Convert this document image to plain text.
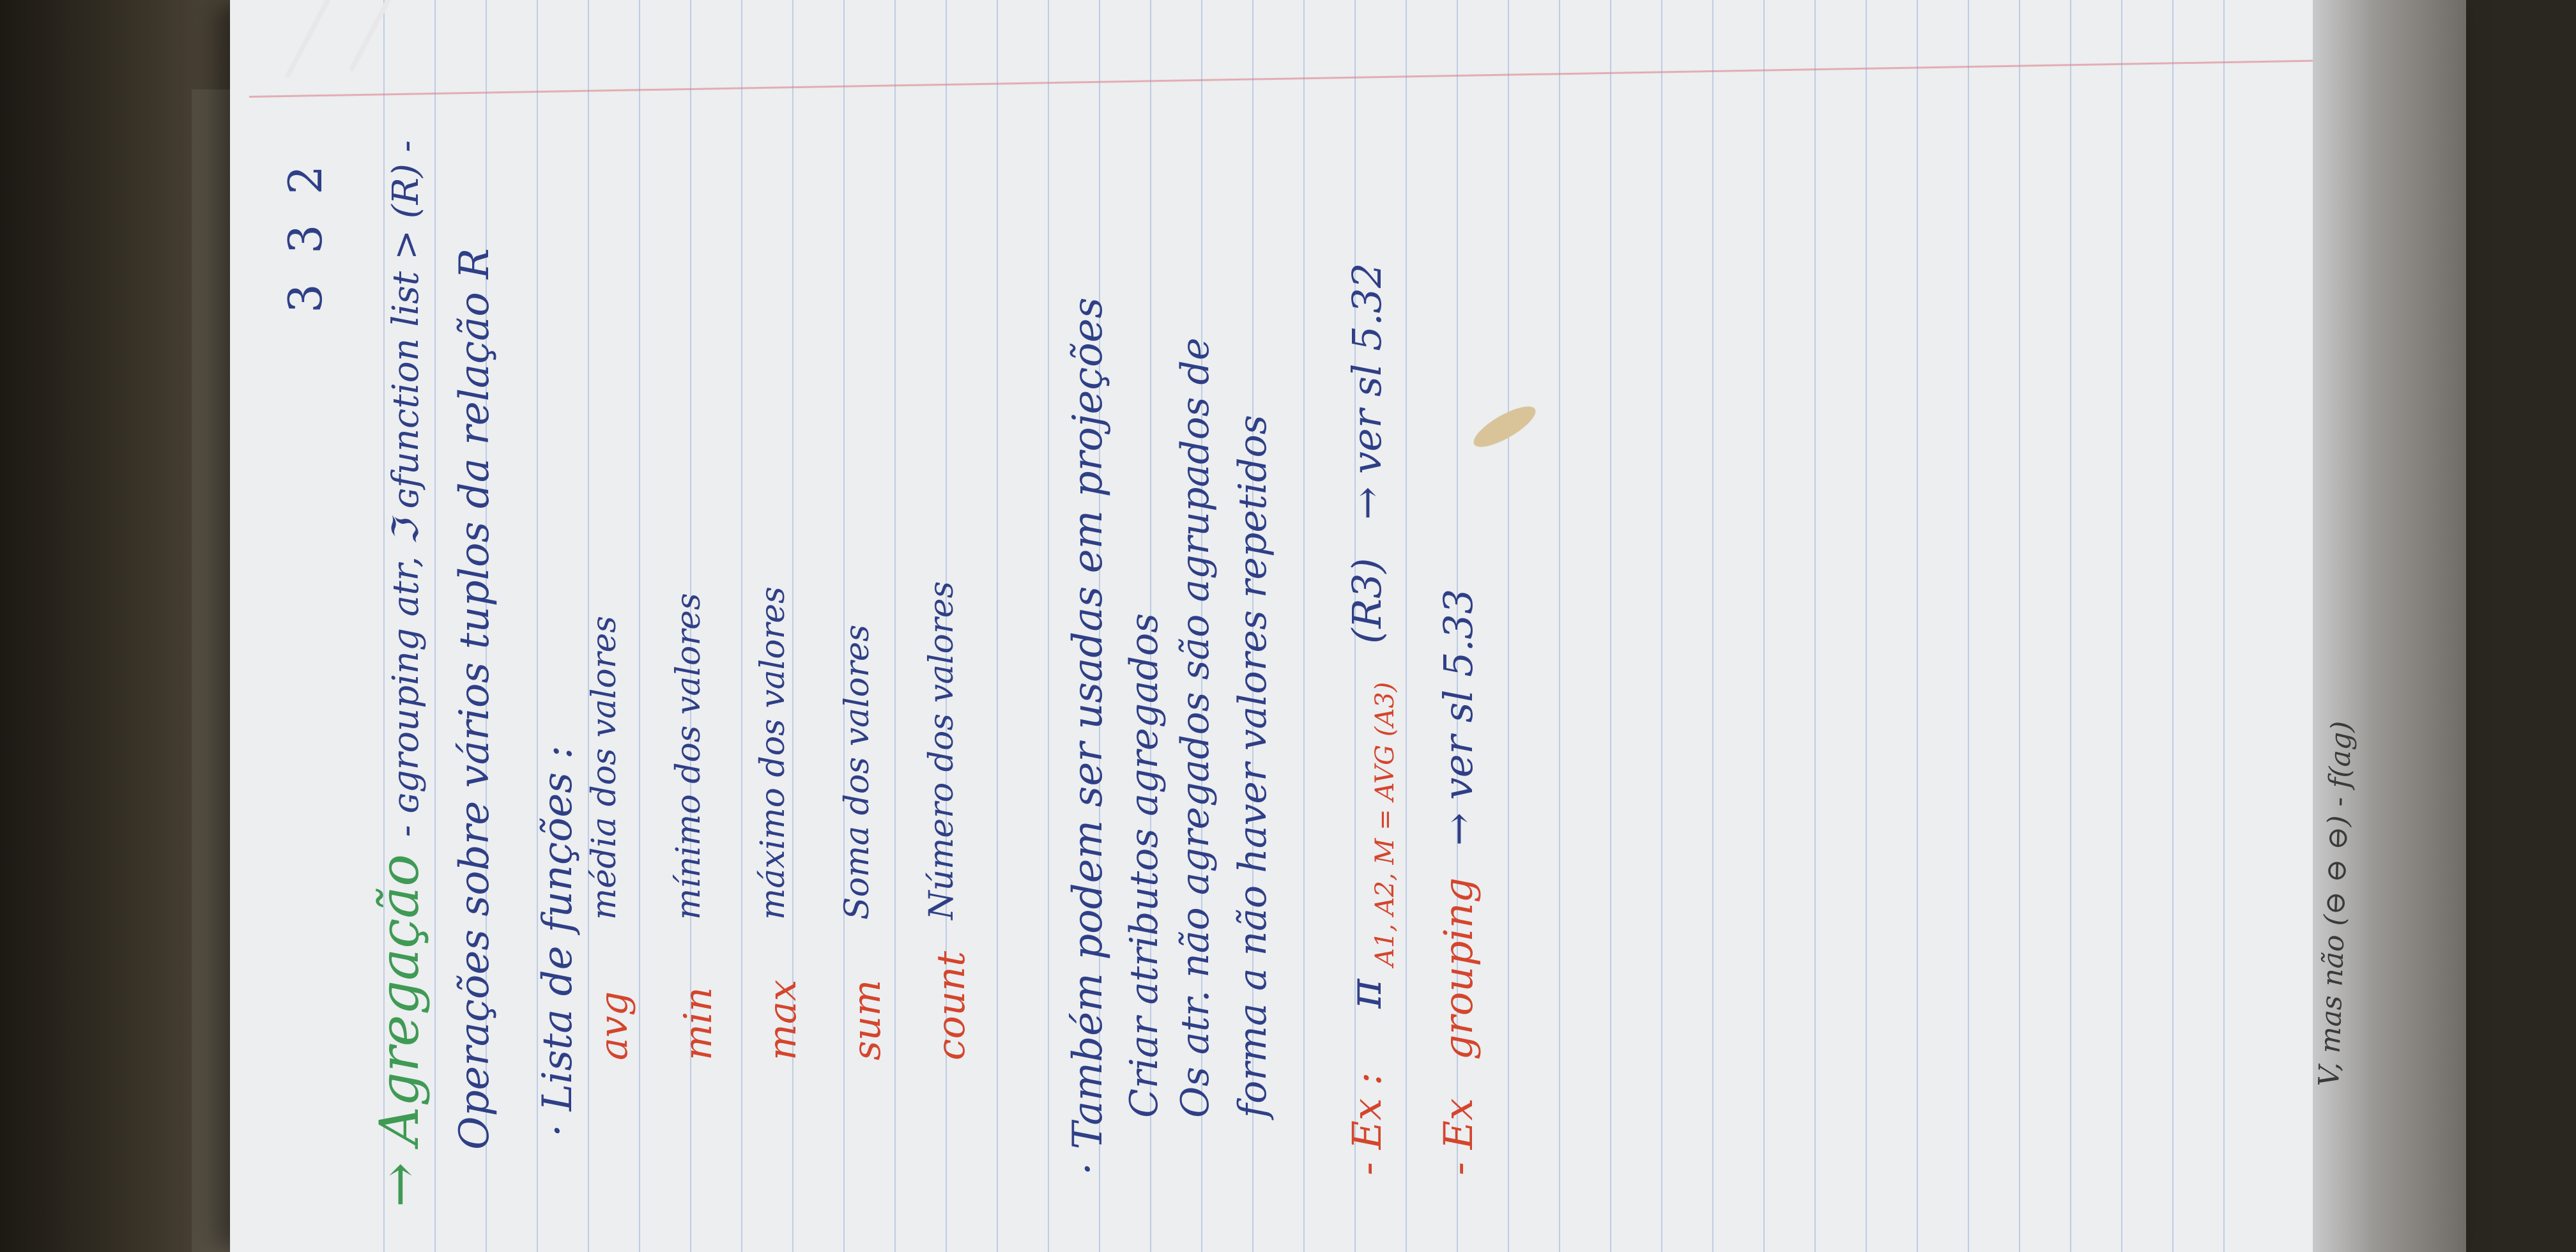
3 3 2
→ Agregação - ɢgrouping atr, ℑ ɢfunction list > (R) - Operações sobre vários tuplos da relação R · Lista de funções : avg
média dos valores
min
mínimo dos valores
max
máximo dos valores
sum
Soma dos valores
count
Número dos valores	· Também podem ser usadas em projeções Criar atributos agregados Os atr. não agregados são agrupados de forma a não haver valores repetidos
- Ex : π $_{A1, A2, M = AVG (A3)}$ (R3) → ver sl 5.32
- Ex grouping → ver sl 5.33
V, mas não (⊖ ⊖ ⊖) - f(ag)
